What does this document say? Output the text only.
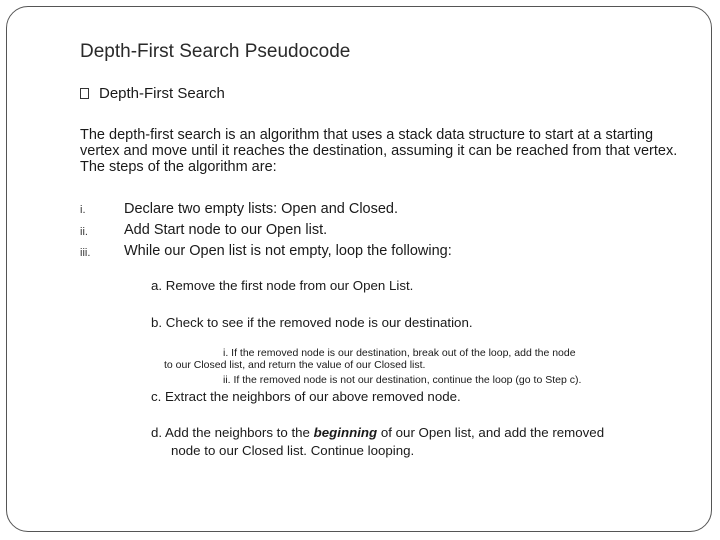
Depth-First Search Pseudocode
Depth-First Search

The depth-first search is an algorithm that uses a stack data structure to start at a starting vertex and move until it reaches the destination, assuming it can be reached from that vertex. The steps of the algorithm are:

i.	Declare two empty lists: Open and Closed.
ii. Add Start node to our Open list.
iii. While our Open list is not empty, loop the following:
a. Remove the first node from our Open List.
b. Check to see if the removed node is our destination.
i. If the removed node is our destination, break out of the loop, add the node
to our Closed list, and return the value of our Closed list.
ii. If the removed node is not our destination, continue the loop (go to Step c).
c. Extract the neighbors of our above removed node.
d. Add the neighbors to the beginning of our Open list, and add the removed
node to our Closed list. Continue looping.
